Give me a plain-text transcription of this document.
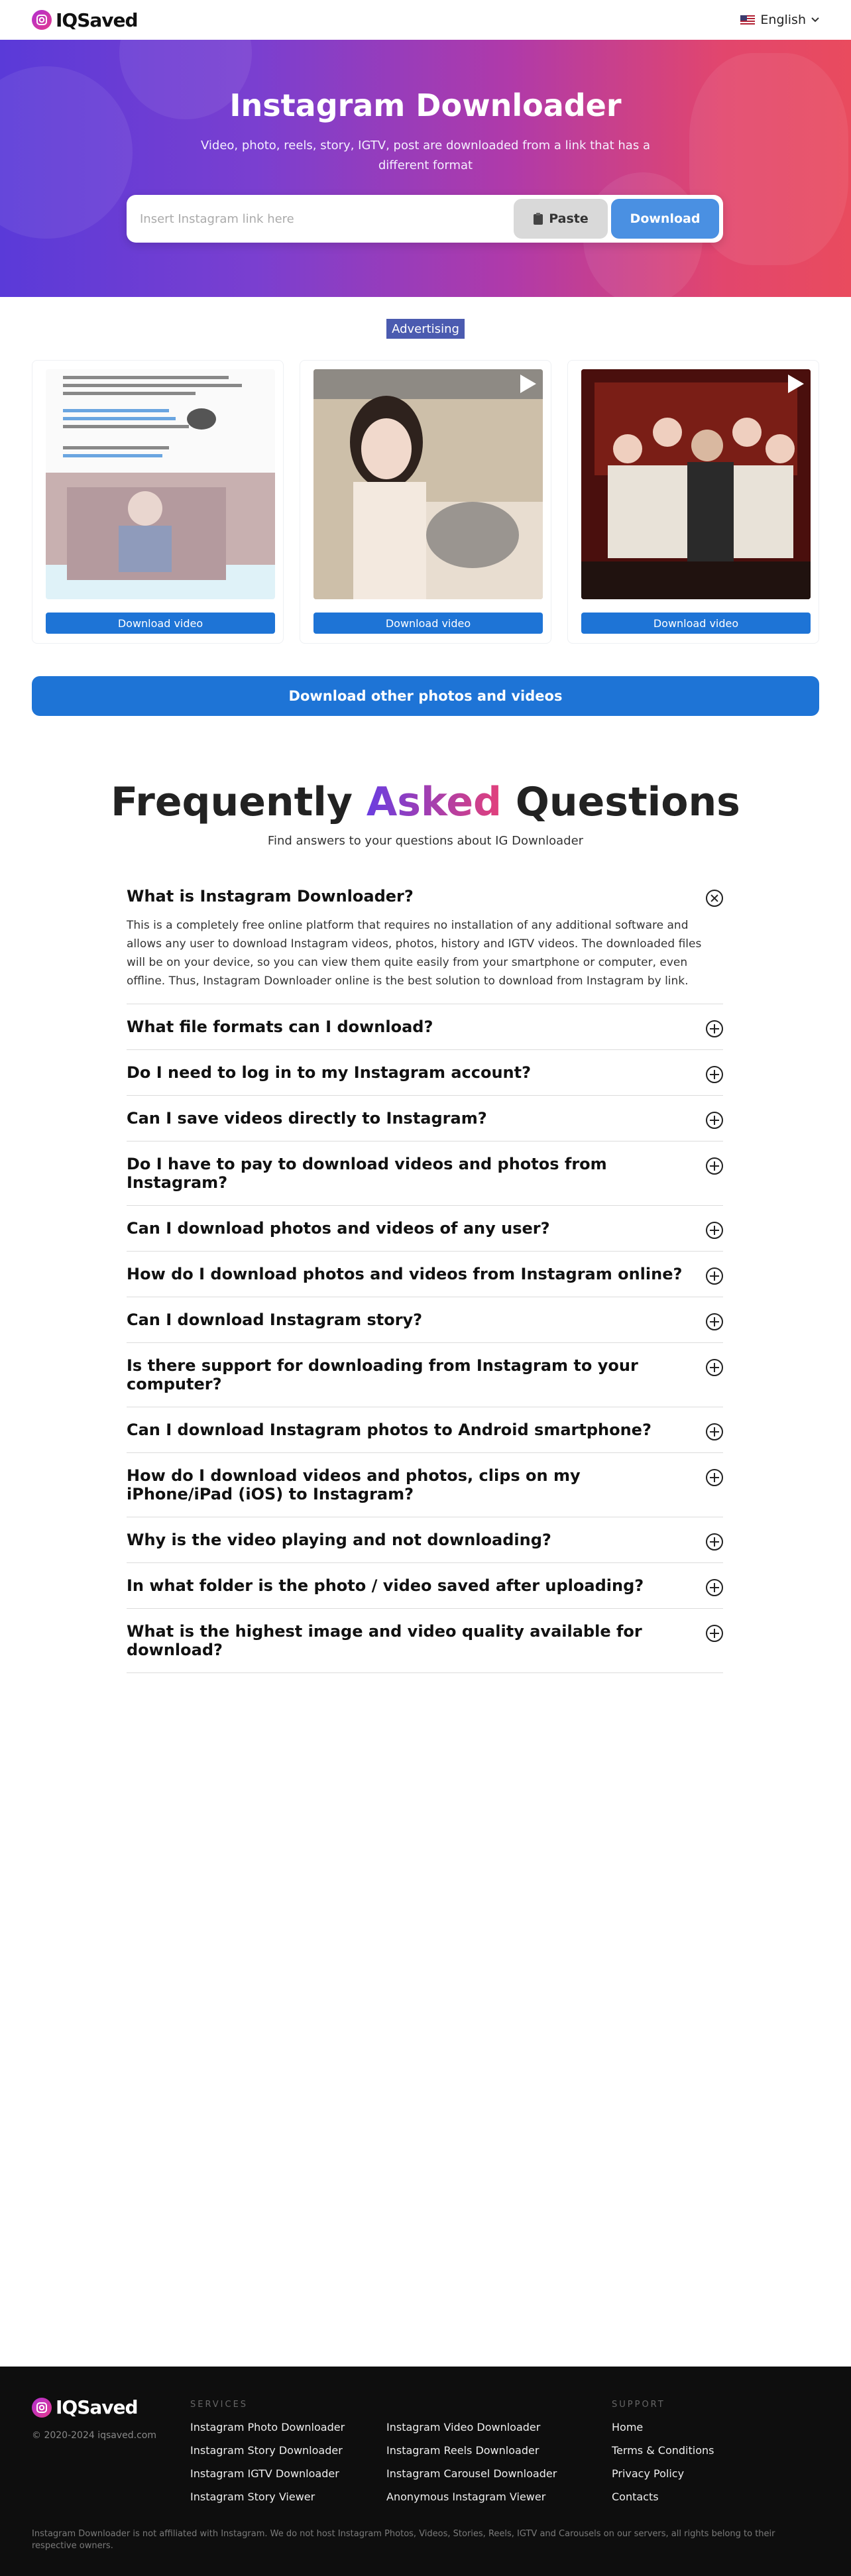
IQSaved	English
Instagram Downloader

Video, photo, reels, story, IGTV, post are downloaded from a link that has a different format

Insert Instagram link here
Paste	Download
Advertising
Download video	Download video	Download video
Download other photos and videos
Frequently Asked Questions

Find answers to your questions about IG Downloader

What is Instagram Downloader?

This is a completely free online platform that requires no installation of any additional software and allows any user to download Instagram videos, photos, history and IGTV videos. The downloaded files will be on your device, so you can view them quite easily from your smartphone or computer, even offline. Thus, Instagram Downloader online is the best solution to download from Instagram by link.

What file formats can I download?
Do I need to log in to my Instagram account?
Can I save videos directly to Instagram?
Do I have to pay to download videos and photos from Instagram?
Can I download photos and videos of any user?
How do I download photos and videos from Instagram online?
Can I download Instagram story?
Is there support for downloading from Instagram to your computer?
Can I download Instagram photos to Android smartphone?
How do I download videos and photos, clips on my iPhone/iPad (iOS) to Instagram?
Why is the video playing and not downloading?
In what folder is the photo / video saved after uploading?
What is the highest image and video quality available for download?
IQSaved
© 2020-2024 iqsaved.com
SERVICES
Instagram Photo Downloader
Instagram Story Downloader
Instagram IGTV Downloader
Instagram Story Viewer
Instagram Video Downloader
Instagram Reels Downloader
Instagram Carousel Downloader
Anonymous Instagram Viewer
SUPPORT
Home
Terms & Conditions
Privacy Policy
Contacts

Instagram Downloader is not affiliated with Instagram. We do not host Instagram Photos, Videos, Stories, Reels, IGTV and Carousels on our servers, all rights belong to their respective owners.
